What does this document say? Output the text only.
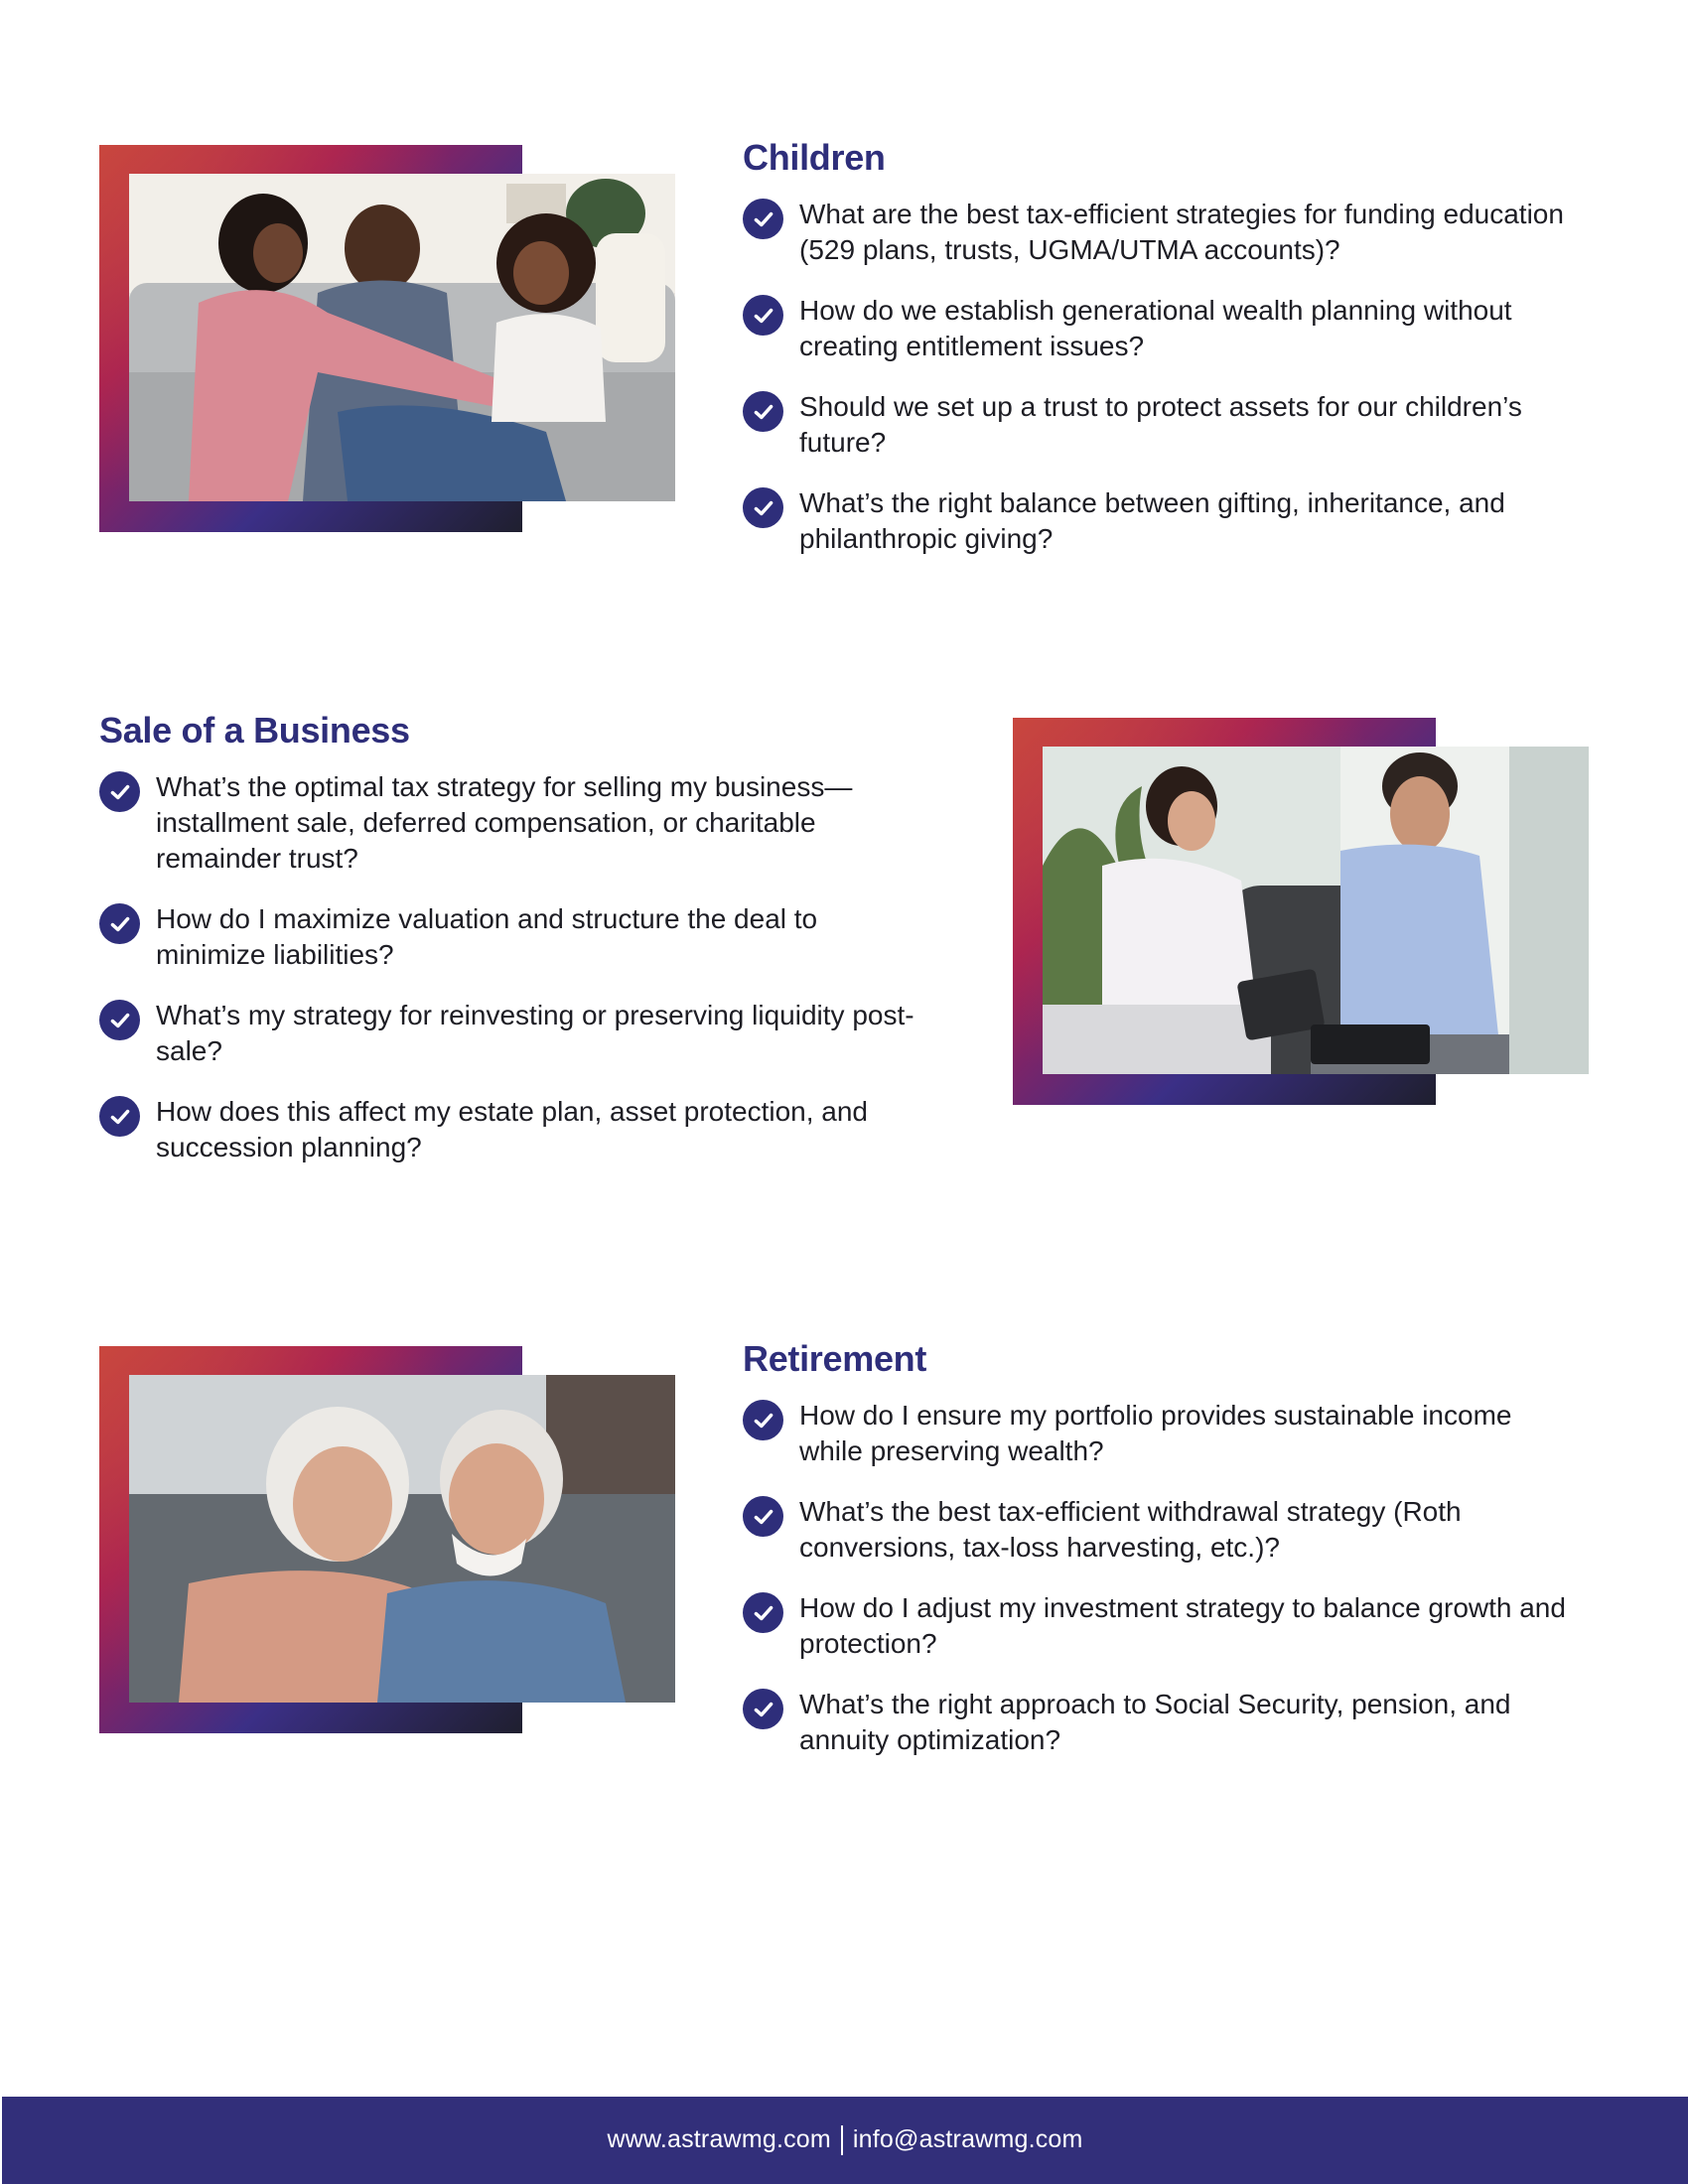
Children
What are the best tax-efficient strategies for funding education (529 plans, trusts, UGMA/UTMA accounts)?
How do we establish generational wealth planning without creating entitlement issues?
Should we set up a trust to protect assets for our children’s future?
What’s the right balance between gifting, inheritance, and philanthropic giving?
Sale of a Business
What’s the optimal tax strategy for selling my business—installment sale, deferred compensation, or charitable remainder trust?
How do I maximize valuation and structure the deal to minimize liabilities?
What’s my strategy for reinvesting or preserving liquidity post-sale?
How does this affect my estate plan, asset protection, and succession planning?
Retirement
How do I ensure my portfolio provides sustainable income while preserving wealth?
What’s the best tax-efficient withdrawal strategy (Roth conversions, tax-loss harvesting, etc.)?
How do I adjust my investment strategy to balance growth and protection?
What’s the right approach to Social Security, pension, and annuity optimization?
www.astrawmg.com info@astrawmg.com
